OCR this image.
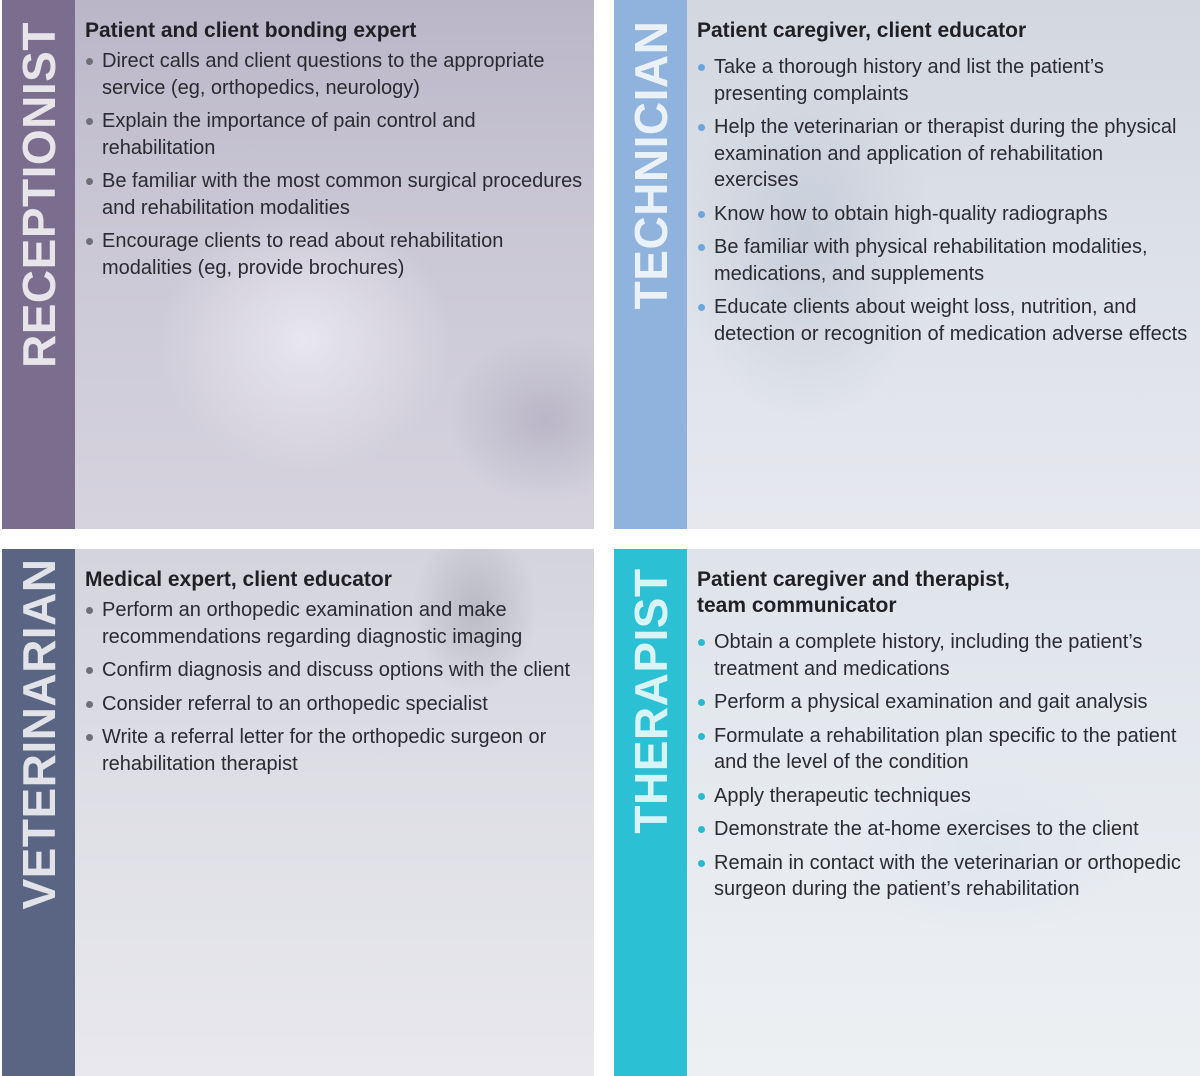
RECEPTIONIST Patient and client bonding expert
Direct calls and client questions to the appropriate service (eg, orthopedics, neurology)
Explain the importance of pain control and rehabilitation
Be familiar with the most common surgical procedures and rehabilitation modalities
Encourage clients to read about rehabilitation modalities (eg, provide brochures)	TECHNICIAN Patient caregiver, client educator
Take a thorough history and list the patient’s presenting complaints
Help the veterinarian or therapist during the physical examination and application of rehabilitation exercises
Know how to obtain high-quality radiographs
Be familiar with physical rehabilitation modalities, medications, and supplements
Educate clients about weight loss, nutrition, and detection or recognition of medication adverse effects
VETERINARIAN Medical expert, client educator
Perform an orthopedic examination and make recommendations regarding diagnostic imaging
Confirm diagnosis and discuss options with the client
Consider referral to an orthopedic specialist
Write a referral letter for the orthopedic surgeon or rehabilitation therapist	THERAPIST Patient caregiver and therapist,
team communicator
Obtain a complete history, including the patient’s treatment and medications
Perform a physical examination and gait analysis
Formulate a rehabilitation plan specific to the patient and the level of the condition
Apply therapeutic techniques
Demonstrate the at-home exercises to the client
Remain in contact with the veterinarian or orthopedic surgeon during the patient’s rehabilitation
